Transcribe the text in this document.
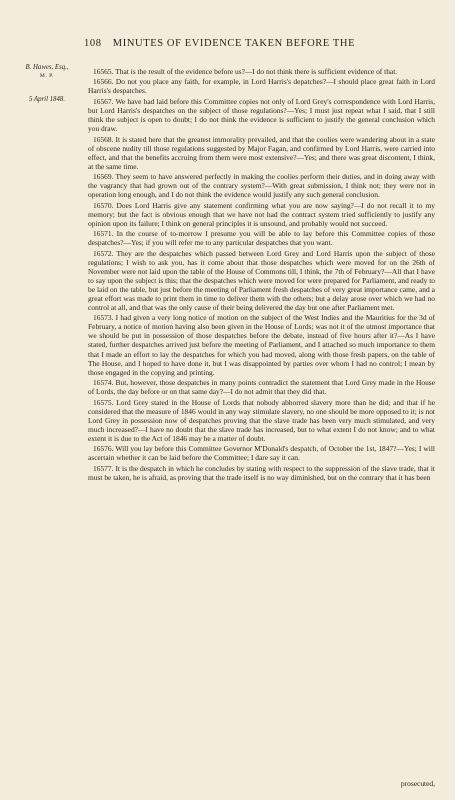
108 MINUTES OF EVIDENCE TAKEN BEFORE THE
B. Hawes, Esq.,
M. P.
5 April 1848.

16565. That is the result of the evidence before us?—I do not think there is sufficient evidence of that.

16566. Do not you place any faith, for example, in Lord Harris's depatches?—I should place great faith in Lord Harris's despatches.

16567. We have had laid before this Committee copies not only of Lord Grey's correspondence with Lord Harris, but Lord Harris's despatches on the subject of those regulations?—Yes; I must just repeat what I said, that I still think the subject is open to doubt; I do not think the evidence is sufficient to justify the general conclusion which you draw.

16568. It is stated here that the greatest immorality prevailed, and that the coolies were wandering about in a state of obscene nudity till those regulations suggested by Major Fagan, and confirmed by Lord Harris, were carried into effect, and that the benefits accruing from them were most extensive?—Yes; and there was great discontent, I think, at the same time.

16569. They seem to have answered perfectly in making the coolies perform their duties, and in doing away with the vagrancy that had grown out of the contrary system?—With great submission, I think not; they were not in operation long enough, and I do not think the evidence would justify any such general conclusion.

16570. Does Lord Harris give any statement confirming what you are now saying?—I do not recall it to my memory; but the fact is obvious enough that we have not had the contract system tried sufficiently to justify any opinion upon its failure; I think on general principles it is unsound, and probably would not succeed.

16571. In the course of to-morrow I presume you will be able to lay before this Committee copies of those despatches?—Yes; if you will refer me to any particular despatches that you want.

16572. They are the despatches which passed between Lord Grey and Lord Harris upon the subject of those regulations; I wish to ask you, has it come about that those despatches which were moved for on the 26th of November were not laid upon the table of the House of Commons till, I think, the 7th of February?—All that I have to say upon the subject is this; that the despatches which were moved for were prepared for Parliament, and ready to be laid on the table, but just before the meeting of Parliament fresh despatches of very great importance came, and a great effort was made to print them in time to deliver them with the others; but a delay arose over which we had no control at all, and that was the only cause of their being delivered the day but one after Parliament met.

16573. I had given a very long notice of motion on the subject of the West Indies and the Mauritius for the 3d of February, a notice of motion having also been given in the House of Lords; was not it of the utmost importance that we should be put in possession of those despatches before the debate, instead of five hours after it?—As I have stated, further despatches arrived just before the meeting of Parliament, and I attached so much importance to them that I made an effort to lay the despatches for which you had moved, along with those fresh papers, on the table of The House, and I hoped to have done it, but I was disappointed by parties over whom I had no control; I mean by those engaged in the copying and printing.

16574. But, however, those despatches in many points contradict the statement that Lord Grey made in the House of Lords, the day before or on that same day?—I do not admit that they did that.

16575. Lord Grey stated in the House of Lords that nobody abhorred slavery more than he did; and that if he considered that the measure of 1846 would in any way stimulate slavery, no one should be more opposed to it; is not Lord Grey in possession now of despatches proving that the slave trade has been very much stimulated, and very much increased?—I have no doubt that the slave trade has increased, but to what extent I do not know; and to what extent it is due to the Act of 1846 may be a matter of doubt.

16576. Will you lay before this Committee Governor M'Donald's despatch, of October the 1st, 1847?—Yes; I will ascertain whether it can be laid before the Committee; I dare say it can.

16577. It is the despatch in which he concludes by stating with respect to the suppression of the slave trade, that it must be taken, he is afraid, as proving that the trade itself is no way diminished, but on the contrary that it has been

prosecuted,
